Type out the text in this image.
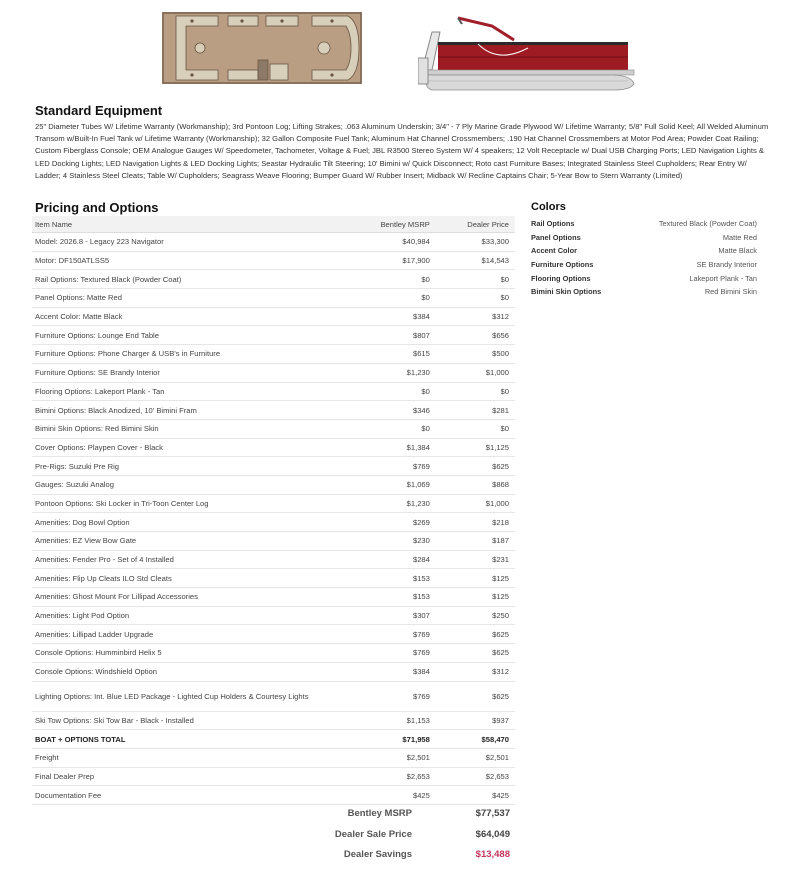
Standard Equipment
25" Diameter Tubes W/ Lifetime Warranty (Workmanship); 3rd Pontoon Log; Lifting Strakes; .063 Aluminum Underskin; 3/4" - 7 Ply Marine Grade Plywood W/ Lifetime Warranty; 5/8" Full Solid Keel; All Welded Aluminum Transom w/Built-In Fuel Tank w/ Lifetime Warranty (Workmanship); 32 Gallon Composite Fuel Tank; Aluminum Hat Channel Crossmembers; .190 Hat Channel Crossmembers at Motor Pod Area; Powder Coat Railing; Custom Fiberglass Console; OEM Analogue Gauges W/ Speedometer, Tachometer, Voltage & Fuel; JBL R3500 Stereo System W/ 4 speakers; 12 Volt Receptacle w/ Dual USB Charging Ports; LED Navigation Lights & LED Docking Lights; LED Navigation Lights & LED Docking Lights; Seastar Hydraulic Tilt Steering; 10' Bimini w/ Quick Disconnect; Roto cast Furniture Bases; Integrated Stainless Steel Cupholders; Rear Entry W/ Ladder; 4 Stainless Steel Cleats; Table W/ Cupholders; Seagrass Weave Flooring; Bumper Guard W/ Rubber Insert; Midback W/ Recline Captains Chair; 5-Year Bow to Stern Warranty (Limited)
Pricing and Options
Item Name	Bentley MSRP	Dealer Price
Model: 2026.8 - Legacy 223 Navigator	$40,984	$33,300
Motor: DF150ATLSS5	$17,900	$14,543
Rail Options: Textured Black (Powder Coat)	$0	$0
Panel Options: Matte Red	$0	$0
Accent Color: Matte Black	$384	$312
Furniture Options: Lounge End Table	$807	$656
Furniture Options: Phone Charger & USB's in Furniture	$615	$500
Furniture Options: SE Brandy Interior	$1,230	$1,000
Flooring Options: Lakeport Plank - Tan	$0	$0
Bimini Options: Black Anodized, 10' Bimini Fram	$346	$281
Bimini Skin Options: Red Bimini Skin	$0	$0
Cover Options: Playpen Cover - Black	$1,384	$1,125
Pre-Rigs: Suzuki Pre Rig	$769	$625
Gauges: Suzuki Analog	$1,069	$868
Pontoon Options: Ski Locker in Tri-Toon Center Log	$1,230	$1,000
Amenities: Dog Bowl Option	$269	$218
Amenities: EZ View Bow Gate	$230	$187
Amenities: Fender Pro - Set of 4 Installed	$284	$231
Amenities: Flip Up Cleats ILO Std Cleats	$153	$125
Amenities: Ghost Mount For Lillipad Accessories	$153	$125
Amenities: Light Pod Option	$307	$250
Amenities: Lillipad Ladder Upgrade	$769	$625
Console Options: Humminbird Helix 5	$769	$625
Console Options: Windshield Option	$384	$312
Lighting Options: Int. Blue LED Package - Lighted Cup Holders & Courtesy Lights	$769	$625
Ski Tow Options: Ski Tow Bar - Black - Installed	$1,153	$937
BOAT + OPTIONS TOTAL	$71,958	$58,470
Freight	$2,501	$2,501
Final Dealer Prep	$2,653	$2,653
Documentation Fee	$425	$425
Bentley MSRP	$77,537
Dealer Sale Price	$64,049
Dealer Savings	$13,488
Colors
Rail Options	Textured Black (Powder Coat)
Panel Options	Matte Red
Accent Color	Matte Black
Furniture Options	SE Brandy Interior
Flooring Options	Lakeport Plank - Tan
Bimini Skin Options	Red Bimini Skin
